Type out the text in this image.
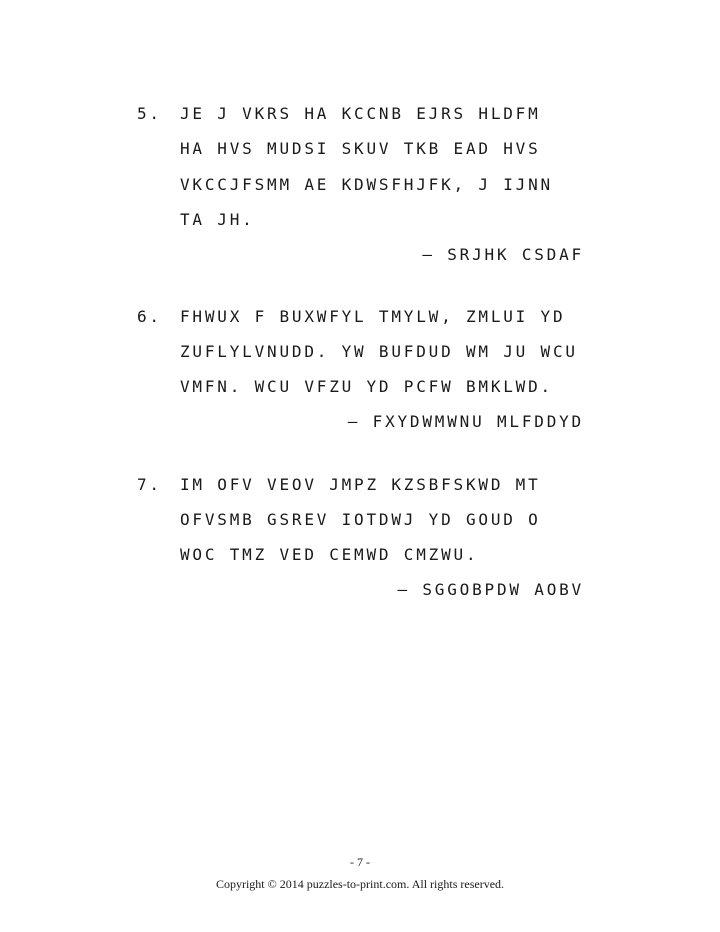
5. JE J VKRS HA KCCNB EJRS HLDFM
HA HVS MUDSI SKUV TKB EAD HVS
VKCCJFSMM AE KDWSFHJFK, J IJNN
TA JH.
— SRJHK CSDAF
6. FHWUX F BUXWFYL TMYLW, ZMLUI YD
ZUFLYLVNUDD. YW BUFDUD WM JU WCU
VMFN. WCU VFZU YD PCFW BMKLWD.
— FXYDWMWNU MLFDDYD
7. IM OFV VEOV JMPZ KZSBFSKWD MT
OFVSMB GSREV IOTDWJ YD GOUD O
WOC TMZ VED CEMWD CMZWU.
— SGGOBPDW AOBV
- 7 -
Copyright © 2014 puzzles-to-print.com. All rights reserved.
